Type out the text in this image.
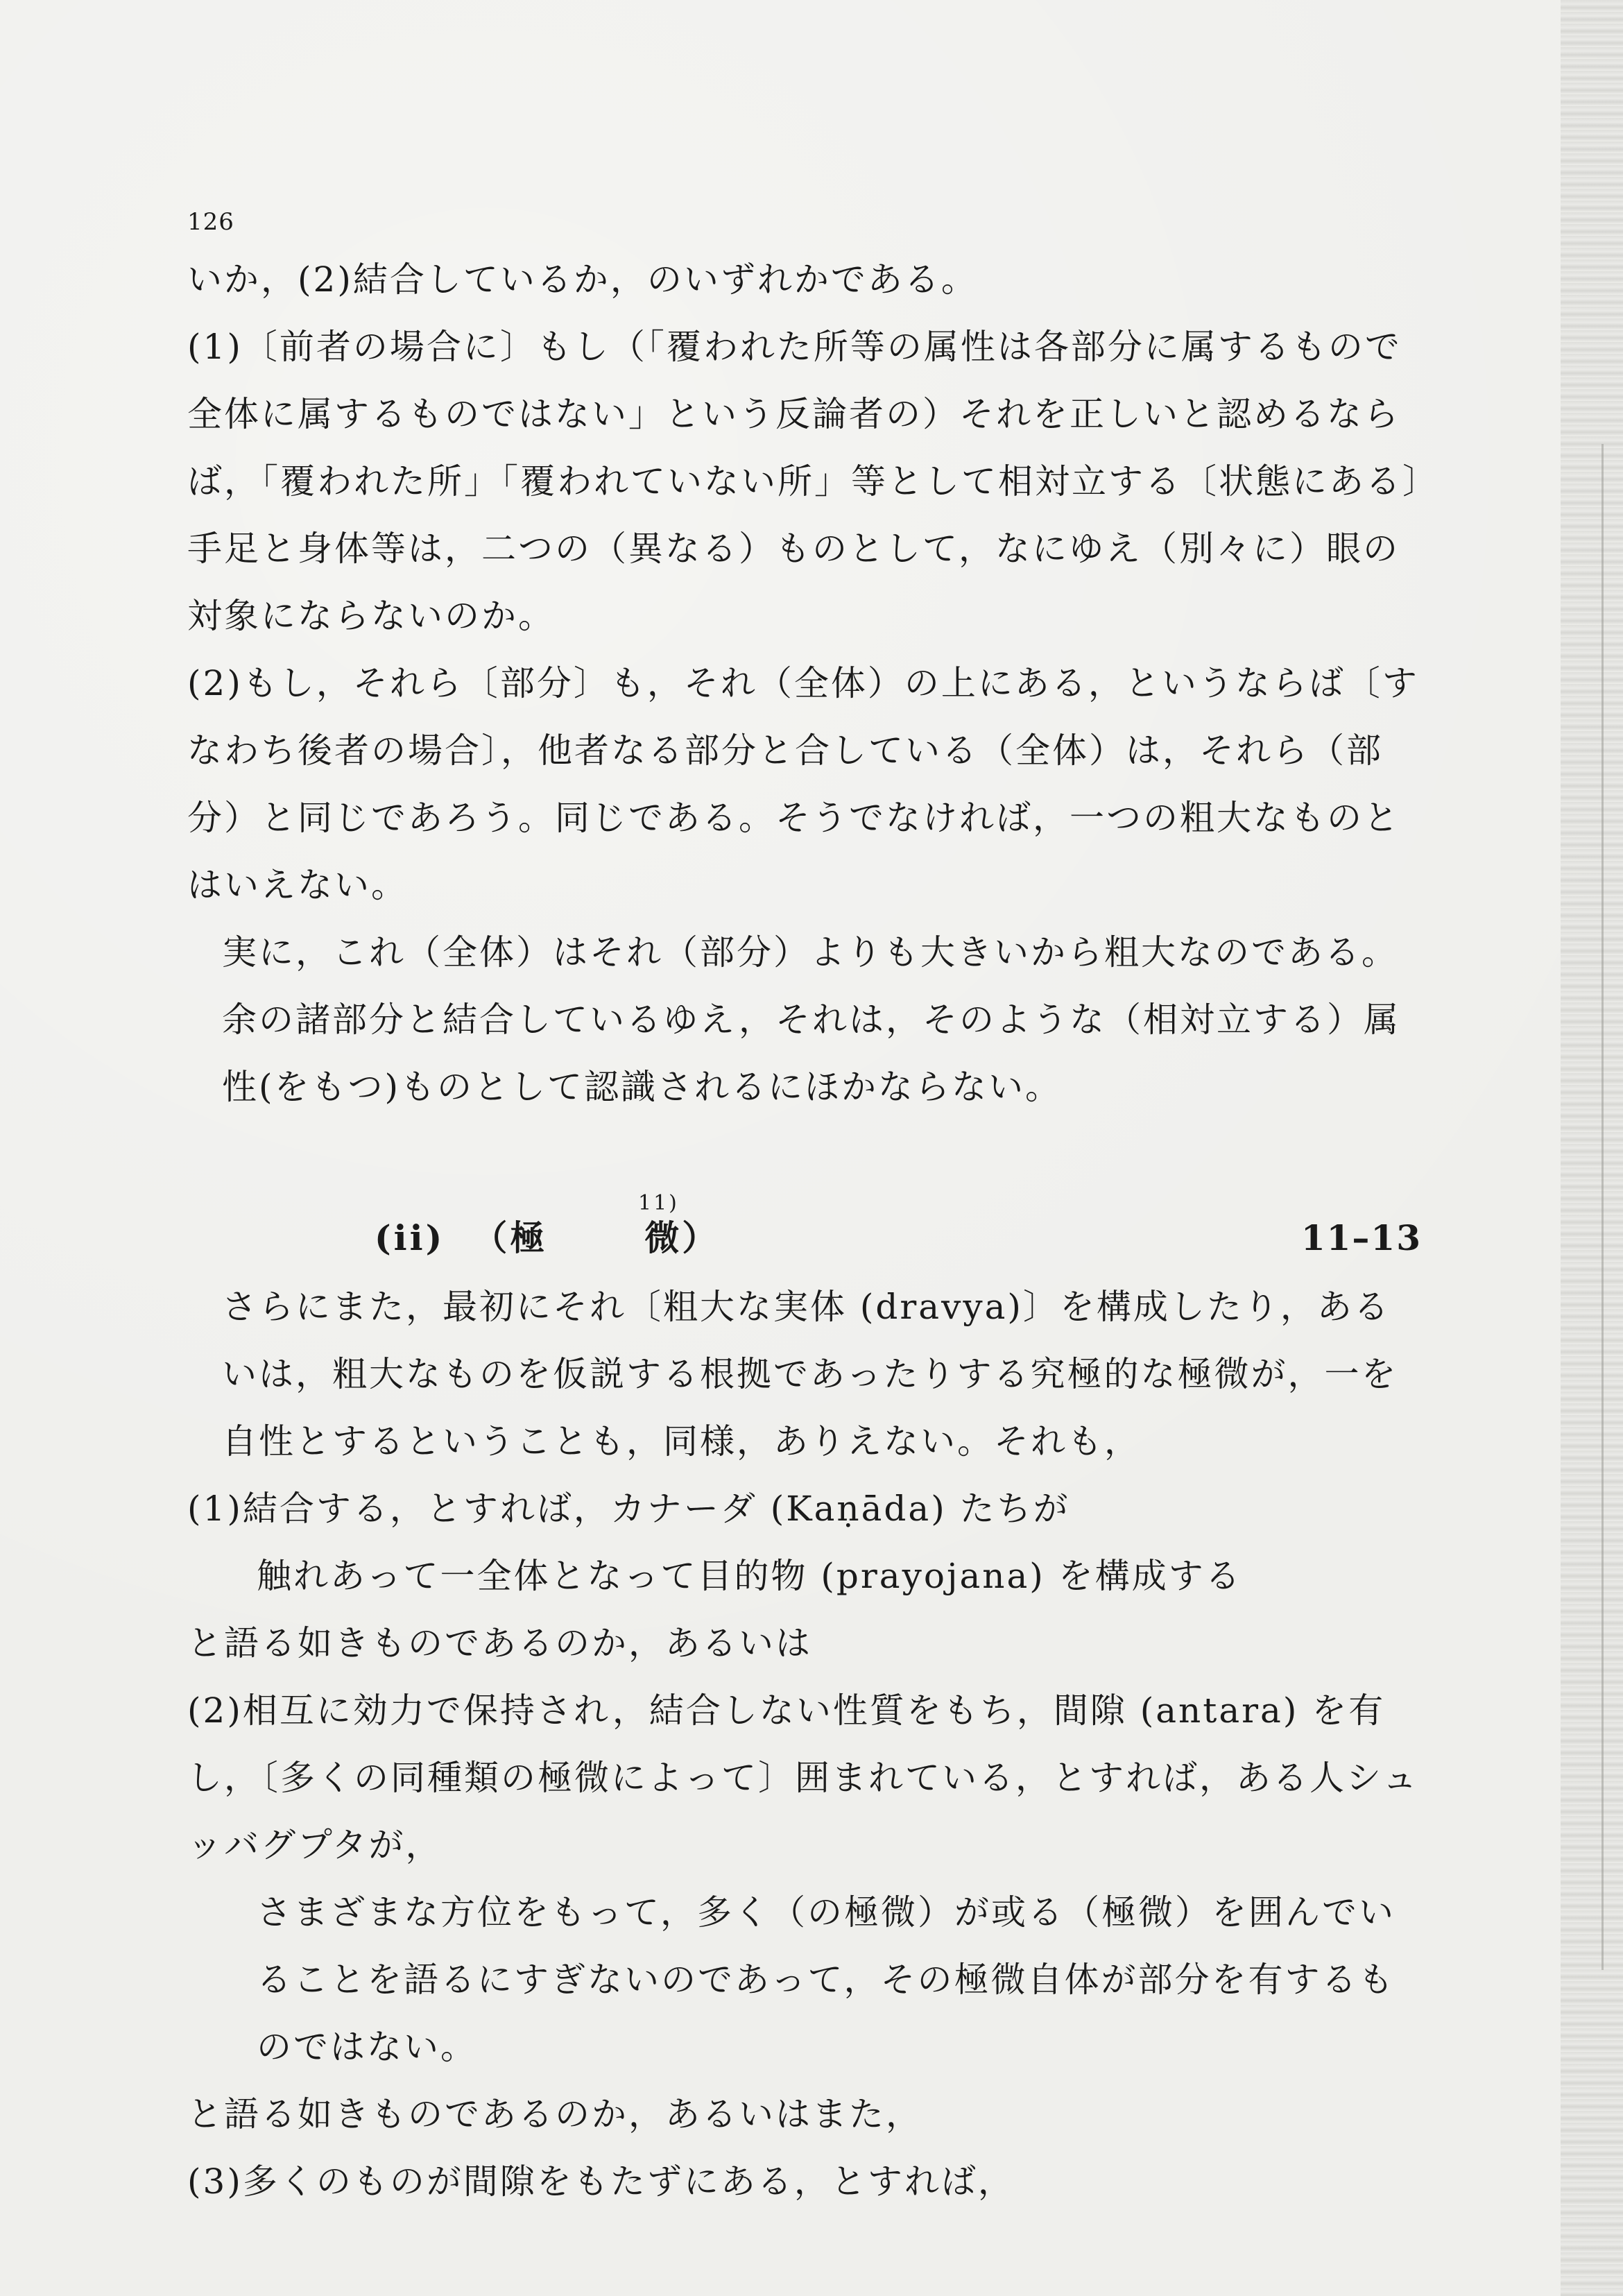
126

いか，(2)結合しているか，のいずれかである。

(1)〔前者の場合に〕もし（「覆われた所等の属性は各部分に属するもので全体に属するものではない」という反論者の）それを正しいと認めるならば，「覆われた所」「覆われていない所」等として相対立する〔状態にある〕手足と身体等は，二つの（異なる）ものとして，なにゆえ（別々に）眼の対象にならないのか。

(2)もし，それら〔部分〕も，それ（全体）の上にある，というならば〔すなわち後者の場合〕，他者なる部分と合している（全体）は，それら（部分）と同じであろう。同じである。そうでなければ，一つの粗大なものとはいえない。

実に，これ（全体）はそれ（部分）よりも大きいから粗大なのである。余の諸部分と結合しているゆえ，それは，そのような（相対立する）属性(をもつ)ものとして認識されるにほかならない。

(ii) （極	微）
11)
11–13

さらにまた，最初にそれ〔粗大な実体 (dravya)〕を構成したり，あるいは，粗大なものを仮説する根拠であったりする究極的な極微が，一を自性とするということも，同様，ありえない。それも，

(1)結合する，とすれば，カナーダ (Kaṇāda) たちが

触れあって一全体となって目的物 (prayojana) を構成する

と語る如きものであるのか，あるいは

(2)相互に効力で保持され，結合しない性質をもち，間隙 (antara) を有し，〔多くの同種類の極微によって〕囲まれている，とすれば，ある人シュッバグプタが，

さまざまな方位をもって，多く（の極微）が或る（極微）を囲んでいることを語るにすぎないのであって，その極微自体が部分を有するものではない。

と語る如きものであるのか，あるいはまた，

(3)多くのものが間隙をもたずにある，とすれば，
